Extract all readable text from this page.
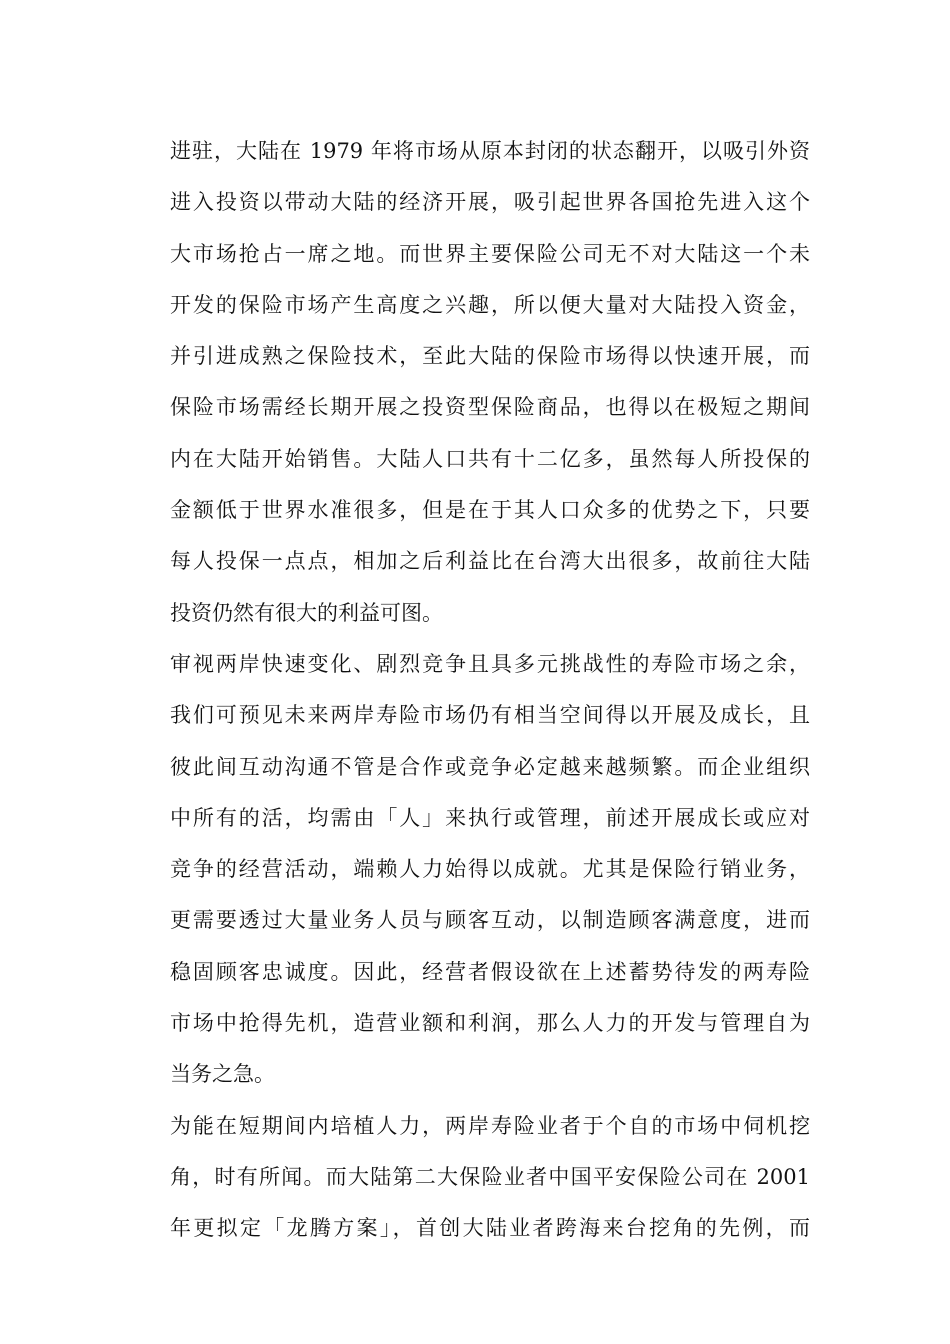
进驻，大陆在 1979 年将市场从原本封闭的状态翻开，以吸引外资
进入投资以带动大陆的经济开展，吸引起世界各国抢先进入这个
大市场抢占一席之地。而世界主要保险公司无不对大陆这一个未
开发的保险市场产生高度之兴趣，所以便大量对大陆投入资金，
并引进成熟之保险技术，至此大陆的保险市场得以快速开展，而
保险市场需经长期开展之投资型保险商品，也得以在极短之期间
内在大陆开始销售。大陆人口共有十二亿多，虽然每人所投保的
金额低于世界水准很多，但是在于其人口众多的优势之下，只要
每人投保一点点，相加之后利益比在台湾大出很多，故前往大陆
投资仍然有很大的利益可图。
审视两岸快速变化、剧烈竞争且具多元挑战性的寿险市场之余，
我们可预见未来两岸寿险市场仍有相当空间得以开展及成长，且
彼此间互动沟通不管是合作或竞争必定越来越频繁。而企业组织
中所有的活，均需由「人」来执行或管理，前述开展成长或应对
竞争的经营活动，端赖人力始得以成就。尤其是保险行销业务，
更需要透过大量业务人员与顾客互动，以制造顾客满意度，进而
稳固顾客忠诚度。因此，经营者假设欲在上述蓄势待发的两寿险
市场中抢得先机，造营业额和利润，那么人力的开发与管理自为
当务之急。
为能在短期间内培植人力，两岸寿险业者于个自的市场中伺机挖
角，时有所闻。而大陆第二大保险业者中国平安保险公司在 2001
年更拟定「龙腾方案」，首创大陆业者跨海来台挖角的先例，而
